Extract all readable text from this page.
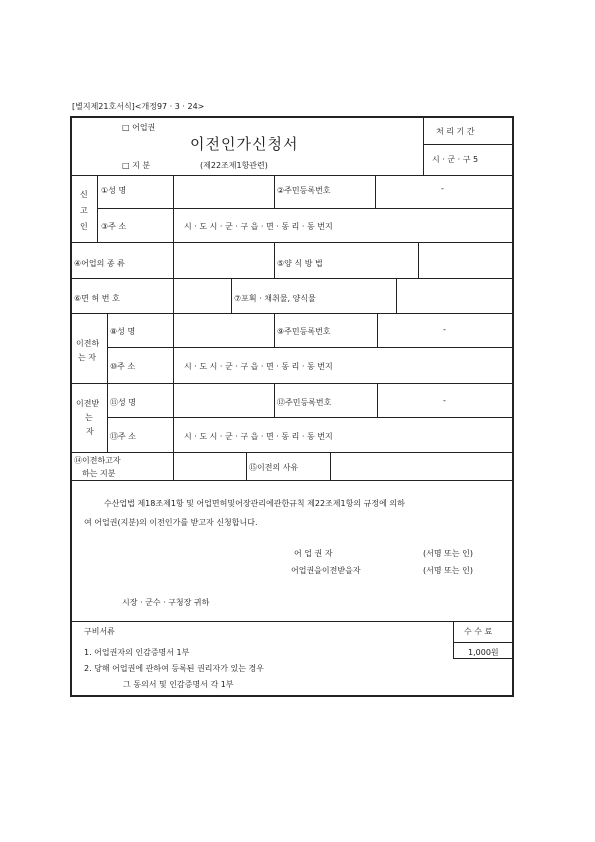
[별지제21호서식]<개정97 · 3 · 24>
□ 어업권
이전인가신청서
□ 지 분	(제22조제1항관련)
처 리 기 간
시 · 군 · 구 5
신
고
인
①성 명	②주민등록번호	-
③주 소	시 · 도 시 · 군 · 구 읍 · 면 · 동 리 · 동 번지
④어업의 종 류	⑤양 식 방 법
⑥면 허 번 호	⑦포획 · 채취물, 양식물
이전하
는 자
⑧성 명	⑨주민등록번호	-
⑩주 소	시 · 도 시 · 군 · 구 읍 · 면 · 동 리 · 동 번지
이전받
는
자
⑪성 명	⑫주민등록번호	-
⑬주 소	시 · 도 시 · 군 · 구 읍 · 면 · 동 리 · 동 번지
⑭이전하고자
하는 지분
⑮이전의 사유
수산업법 제18조제1항 및 어업면허및어장관리에관한규칙 제22조제1항의 규정에 의하
여 어업권(지분)의 이전인가를 받고자 신청합니다.
어 업 권 자	(서명 또는 인)
어업권을이전받을자	(서명 또는 인)
시장 · 군수 · 구청장 귀하
구비서류	수 수 료
1,000원
1. 어업권자의 인감증명서 1부
2. 당해 어업권에 관하여 등록된 권리자가 있는 경우
그 동의서 및 인감증명서 각 1부
